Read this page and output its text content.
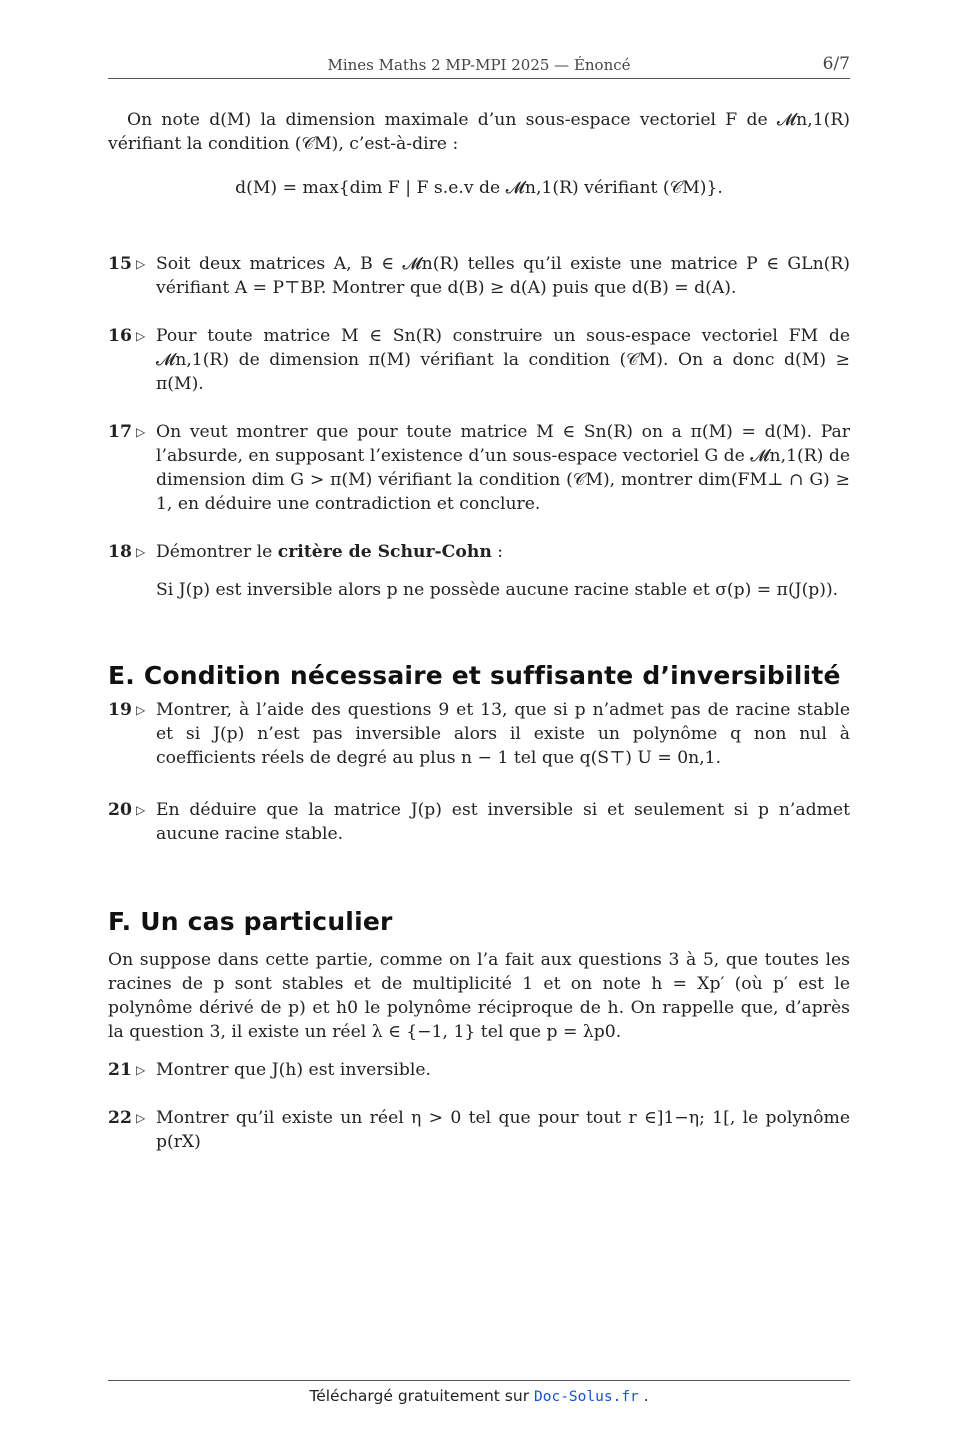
Mines Maths 2 MP-MPI 2025 — Énoncé	6/7

On note d(M) la dimension maximale d’un sous-espace vectoriel F de 𝓜n,1(R) vérifiant la condition (𝒞M), c’est-à-dire :

d(M) = max{dim F | F s.e.v de 𝓜n,1(R) vérifiant (𝒞M)}.

15 ▷ Soit deux matrices A, B ∈ 𝓜n(R) telles qu’il existe une matrice P ∈ GLn(R) vérifiant A = P⊤BP. Montrer que d(B) ≥ d(A) puis que d(B) = d(A).
16 ▷ Pour toute matrice M ∈ Sn(R) construire un sous-espace vectoriel FM de 𝓜n,1(R) de dimension π(M) vérifiant la condition (𝒞M). On a donc d(M) ≥ π(M).
17 ▷ On veut montrer que pour toute matrice M ∈ Sn(R) on a π(M) = d(M). Par l’absurde, en supposant l’existence d’un sous-espace vectoriel G de 𝓜n,1(R) de dimension dim G > π(M) vérifiant la condition (𝒞M), montrer dim(FM⊥ ∩ G) ≥ 1, en déduire une contradiction et conclure.
18 ▷ Démontrer le critère de Schur-Cohn :

Si J(p) est inversible alors p ne possède aucune racine stable et σ(p) = π(J(p)).

E. Condition nécessaire et suffisante d’inversibilité
19 ▷ Montrer, à l’aide des questions 9 et 13, que si p n’admet pas de racine stable et si J(p) n’est pas inversible alors il existe un polynôme q non nul à coefficients réels de degré au plus n − 1 tel que q(S⊤) U = 0n,1.
20 ▷ En déduire que la matrice J(p) est inversible si et seulement si p n’admet aucune racine stable.
F. Un cas particulier

On suppose dans cette partie, comme on l’a fait aux questions 3 à 5, que toutes les racines de p sont stables et de multiplicité 1 et on note h = Xp′ (où p′ est le polynôme dérivé de p) et h0 le polynôme réciproque de h. On rappelle que, d’après la question 3, il existe un réel λ ∈ {−1, 1} tel que p = λp0.

21 ▷ Montrer que J(h) est inversible.
22 ▷ Montrer qu’il existe un réel η > 0 tel que pour tout r ∈]1−η; 1[, le polynôme p(rX)
Téléchargé gratuitement sur Doc-Solus.fr .
